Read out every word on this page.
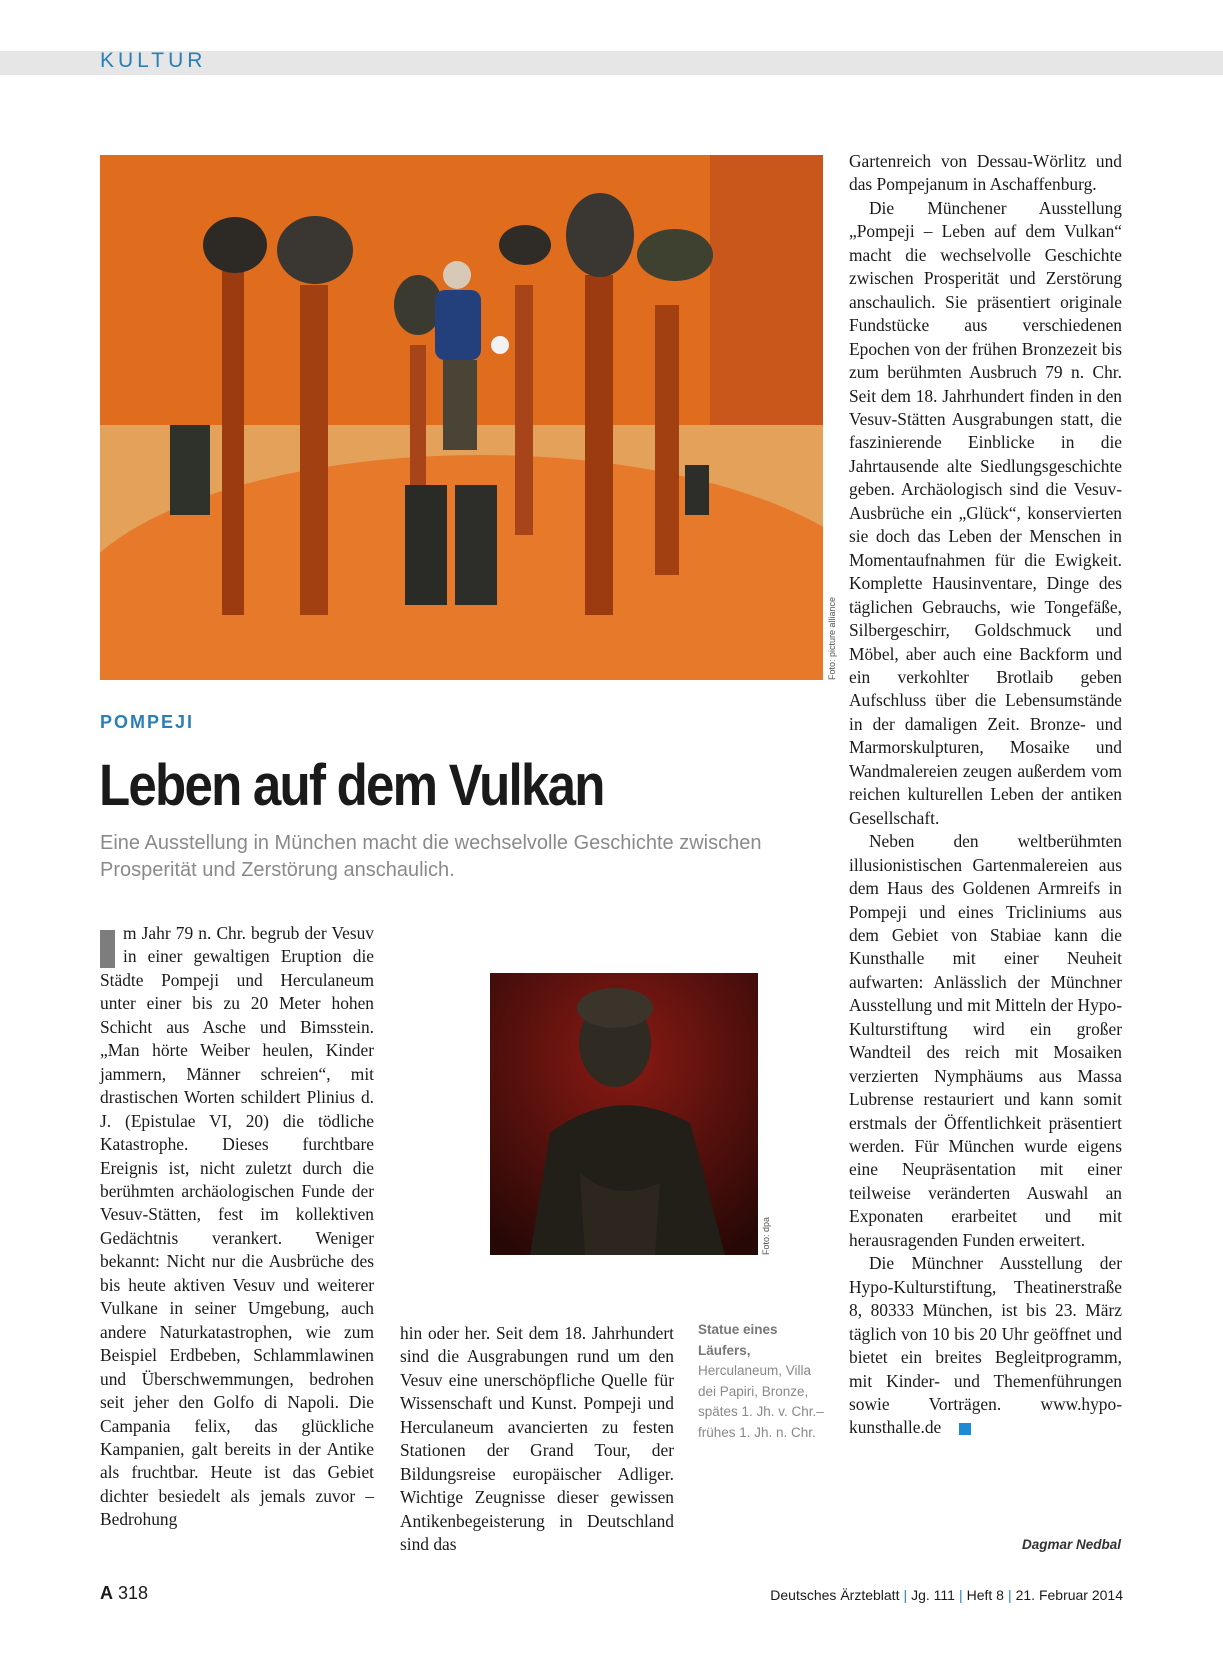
KULTUR
Foto: picture alliance
POMPEJI
Leben auf dem Vulkan
Eine Ausstellung in München macht die wechselvolle Geschichte zwischen Prosperität und Zerstörung anschaulich.
m Jahr 79 n. Chr. begrub der Vesuv in einer gewaltigen Eruption die Städte Pompeji und Herculaneum unter einer bis zu 20 Meter hohen Schicht aus Asche und Bimsstein. „Man hörte Weiber heulen, Kinder jammern, Männer schreien“, mit drastischen Worten schildert Plinius d. J. (Epistulae VI, 20) die tödliche Katastrophe. Dieses furchtbare Ereignis ist, nicht zuletzt durch die berühmten archäologischen Funde der Vesuv-Stätten, fest im kollektiven Gedächtnis verankert. Weniger bekannt: Nicht nur die Ausbrüche des bis heute aktiven Vesuv und weiterer Vulkane in seiner Umgebung, auch andere Naturkatastrophen, wie zum Beispiel Erdbeben, Schlammlawinen und Überschwemmungen, bedrohen seit jeher den Golfo di Napoli. Die Campania felix, das glückliche Kampanien, galt bereits in der Antike als fruchtbar. Heute ist das Gebiet dichter besiedelt als jemals zuvor – Bedrohung
Foto: dpa

hin oder her. Seit dem 18. Jahrhundert sind die Ausgrabungen rund um den Vesuv eine unerschöpfliche Quelle für Wissenschaft und Kunst. Pompeji und Herculaneum avancierten zu festen Stationen der Grand Tour, der Bildungsreise europäischer Adliger. Wichtige Zeugnisse dieser gewissen Antikenbegeisterung in Deutschland sind das

Statue eines Läufers, Herculaneum, Villa dei Papiri, Bronze, spätes 1. Jh. v. Chr.–frühes 1. Jh. n. Chr.

Gartenreich von Dessau-Wörlitz und das Pompejanum in Aschaffenburg.

Die Münchener Ausstellung „Pompeji – Leben auf dem Vulkan“ macht die wechselvolle Geschichte zwischen Prosperität und Zerstörung anschaulich. Sie präsentiert originale Fundstücke aus verschiedenen Epochen von der frühen Bronzezeit bis zum berühmten Ausbruch 79 n. Chr. Seit dem 18. Jahrhundert finden in den Vesuv-Stätten Ausgrabungen statt, die faszinierende Einblicke in die Jahrtausende alte Siedlungsgeschichte geben. Archäologisch sind die Vesuv-Ausbrüche ein „Glück“, konservierten sie doch das Leben der Menschen in Momentaufnahmen für die Ewigkeit. Komplette Hausinventare, Dinge des täglichen Gebrauchs, wie Tongefäße, Silbergeschirr, Goldschmuck und Möbel, aber auch eine Backform und ein verkohlter Brotlaib geben Aufschluss über die Lebensumstände in der damaligen Zeit. Bronze- und Marmorskulpturen, Mosaike und Wandmalereien zeugen außerdem vom reichen kulturellen Leben der antiken Gesellschaft.

Neben den weltberühmten illusionistischen Gartenmalereien aus dem Haus des Goldenen Armreifs in Pompeji und eines Tricliniums aus dem Gebiet von Stabiae kann die Kunsthalle mit einer Neuheit aufwarten: Anlässlich der Münchner Ausstellung und mit Mitteln der Hypo-Kulturstiftung wird ein großer Wandteil des reich mit Mosaiken verzierten Nymphäums aus Massa Lubrense restauriert und kann somit erstmals der Öffentlichkeit präsentiert werden. Für München wurde eigens eine Neupräsentation mit einer teilweise veränderten Auswahl an Exponaten erarbeitet und mit herausragenden Funden erweitert.

Die Münchner Ausstellung der Hypo-Kulturstiftung, Theatinerstraße 8, 80333 München, ist bis 23. März täglich von 10 bis 20 Uhr geöffnet und bietet ein breites Begleitprogramm, mit Kinder- und Themenführungen sowie Vorträgen. www.hypo-kunsthalle.de

Dagmar Nedbal
A 318	Deutsches Ärzteblatt | Jg. 111 | Heft 8 | 21. Februar 2014
